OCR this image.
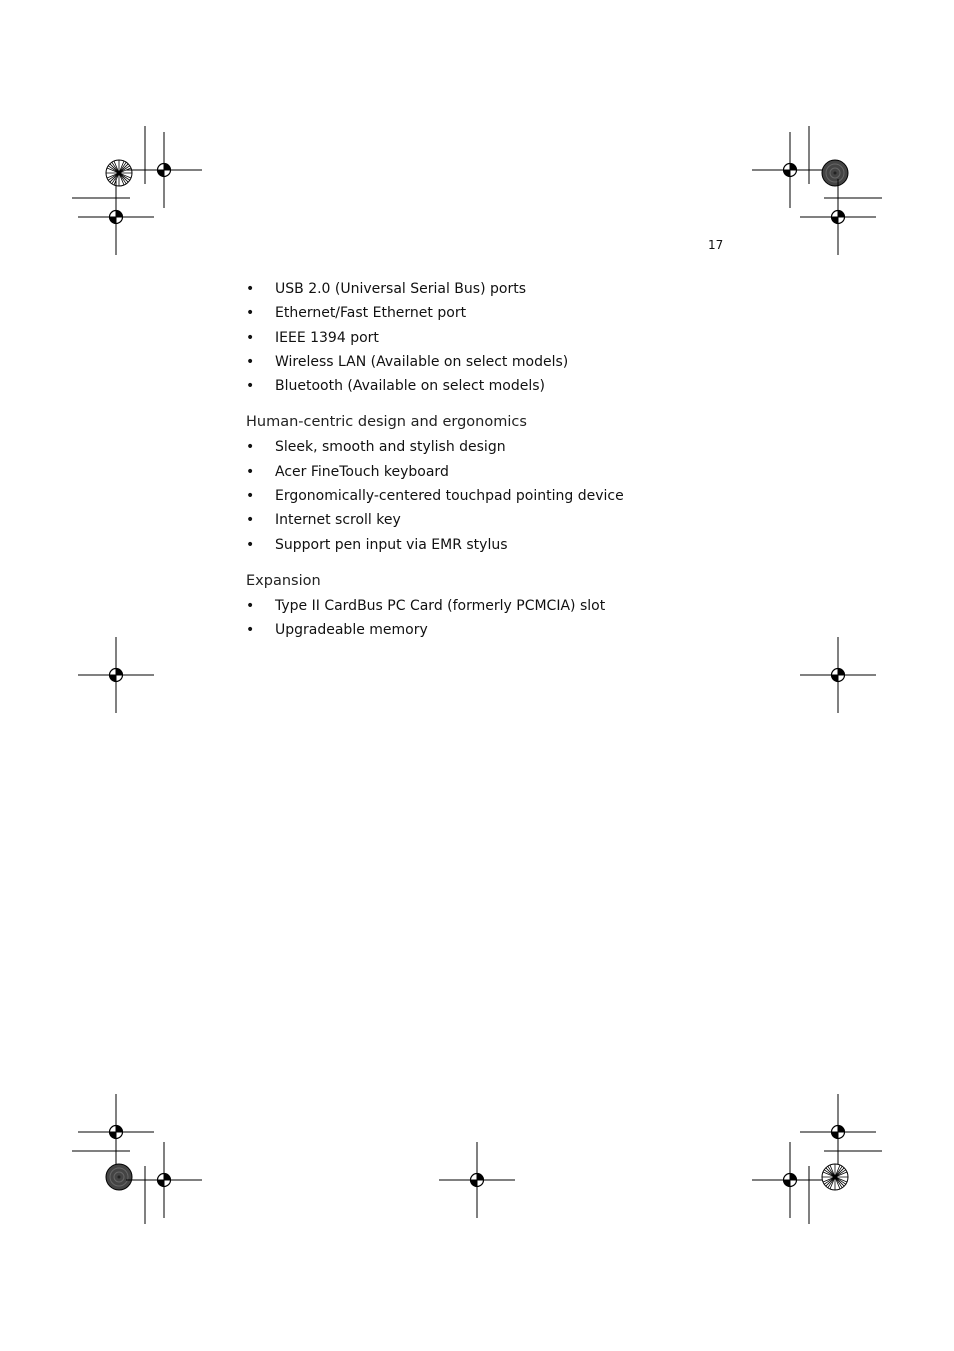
17
• USB 2.0 (Universal Serial Bus) ports
• Ethernet/Fast Ethernet port
• IEEE 1394 port
• Wireless LAN (Available on select models)
• Bluetooth (Available on select models)
Human-centric design and ergonomics
• Sleek, smooth and stylish design
• Acer FineTouch keyboard
• Ergonomically-centered touchpad pointing device
• Internet scroll key
• Support pen input via EMR stylus
Expansion
• Type II CardBus PC Card (formerly PCMCIA) slot
• Upgradeable memory
